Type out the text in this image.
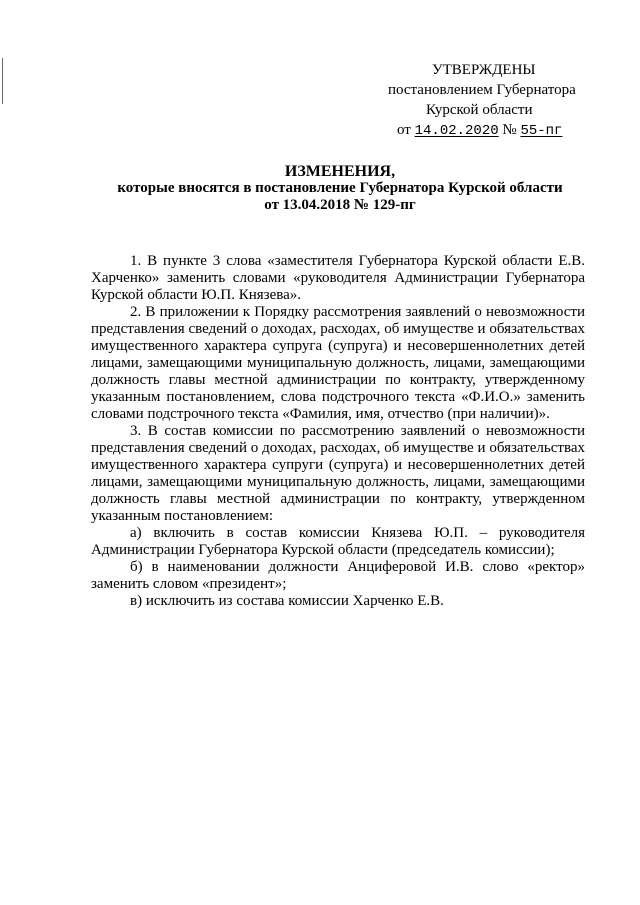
УТВЕРЖДЕНЫ
постановлением Губернатора
Курской области
от 14.02.2020 № 55-пг
ИЗМЕНЕНИЯ,
которые вносятся в постановление Губернатора Курской области
от 13.04.2018 № 129-пг

1. В пункте 3 слова «заместителя Губернатора Курской области Е.В. Харченко» заменить словами «руководителя Администрации Губернатора Курской области Ю.П. Князева».

2. В приложении к Порядку рассмотрения заявлений о невозможности представления сведений о доходах, расходах, об имуществе и обязательствах имущественного характера супруга (супруга) и несовершеннолетних детей лицами, замещающими муниципальную должность, лицами, замещающими должность главы местной администрации по контракту, утвержденному указанным постановлением, слова подстрочного текста «Ф.И.О.» заменить словами подстрочного текста «Фамилия, имя, отчество (при наличии)».

3. В состав комиссии по рассмотрению заявлений о невозможности представления сведений о доходах, расходах, об имуществе и обязательствах имущественного характера супруги (супруга) и несовершеннолетних детей лицами, замещающими муниципальную должность, лицами, замещающими должность главы местной администрации по контракту, утвержденном указанным постановлением:

а) включить в состав комиссии Князева Ю.П. – руководителя Администрации Губернатора Курской области (председатель комиссии);

б) в наименовании должности Анциферовой И.В. слово «ректор» заменить словом «президент»;

в) исключить из состава комиссии Харченко Е.В.
